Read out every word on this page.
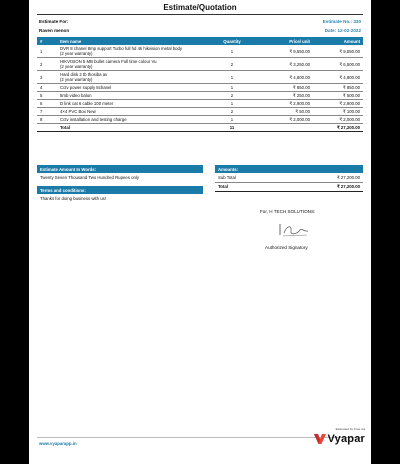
Estimate/Quotation
Estimate For:
Raven menon
Estimate No.: 330
Date: 12-02-2022
#	Item name	Quantity	Price/ unit	Amount
1	DVR 8 chanel 8mp support Turbo full hd 4k hikvision metal body
(2 year warranty)	1	₹ 9,550.00	₹ 9,550.00
2	HIKVISION 5 MB bullet camera Full time colour Vu
(2 year warranty)	2	₹ 3,250.00	₹ 6,500.00
3	Hard disk 2 tb thosiba av
(2 year warranty)	1	₹ 4,800.00	₹ 4,800.00
4	Cctv power supply 8chanel	1	₹ 850.00	₹ 850.00
5	5mb video balun	2	₹ 250.00	₹ 500.00
6	D link cat 6 cable 100 meter	1	₹ 2,900.00	₹ 2,900.00
7	4×4 PVC Box New	2	₹ 50.00	₹ 100.00
8	Cctv installation and testing charge	1	₹ 2,000.00	₹ 2,000.00
	Total	11		₹ 27,200.00
Estimate Amount In Words:
Twenty Seven Thousand Two Hundred Rupees only
Terms and conditions:
Thanks for doing business with us!
Amounts:
Sub Total	₹ 27,200.00
Total	₹ 27,200.00
For, H TECH SOLUTIONS:
Authorized Signatory
www.vyaparapp.in
Estimated for Free via
Vyapar
